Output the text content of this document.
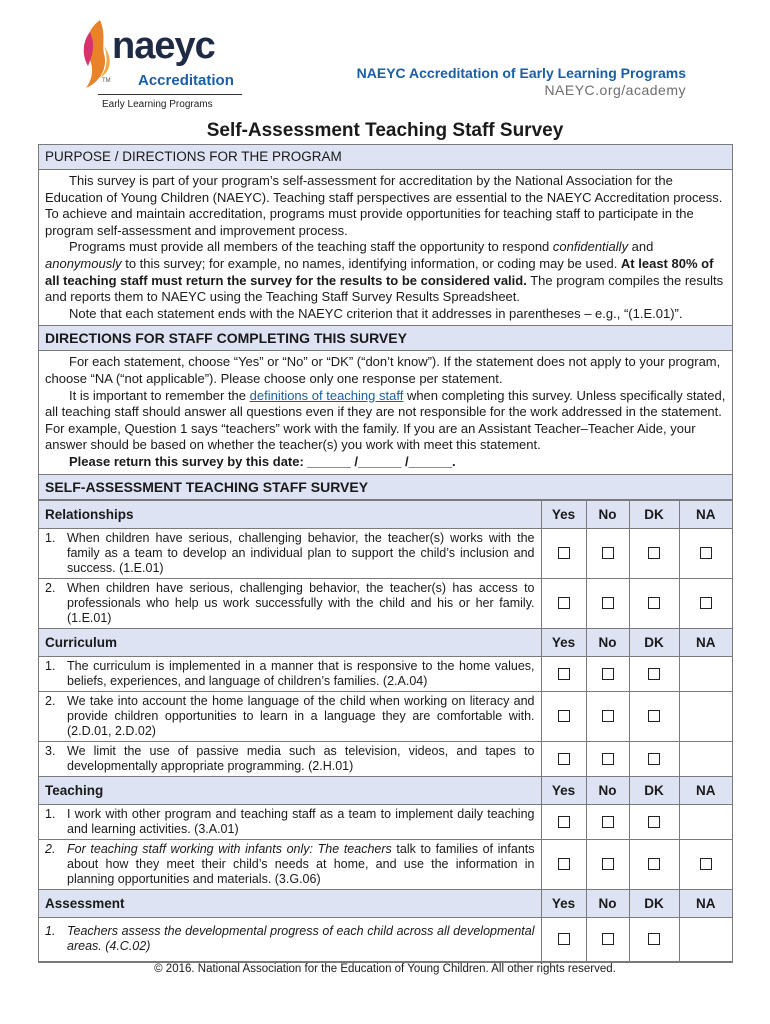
naeyc
TM Accreditation
Early Learning Programs
NAEYC Accreditation of Early Learning Programs
NAEYC.org/academy
Self-Assessment Teaching Staff Survey
PURPOSE / DIRECTIONS FOR THE PROGRAM

This survey is part of your program’s self-assessment for accreditation by the National Association for the Education of Young Children (NAEYC). Teaching staff perspectives are essential to the NAEYC Accreditation process. To achieve and maintain accreditation, programs must provide opportunities for teaching staff to participate in the program self-assessment and improvement process.

Programs must provide all members of the teaching staff the opportunity to respond confidentially and anonymously to this survey; for example, no names, identifying information, or coding may be used. At least 80% of all teaching staff must return the survey for the results to be considered valid. The program compiles the results and reports them to NAEYC using the Teaching Staff Survey Results Spreadsheet.

Note that each statement ends with the NAEYC criterion that it addresses in parentheses – e.g., “(1.E.01)”.

DIRECTIONS FOR STAFF COMPLETING THIS SURVEY

For each statement, choose “Yes” or “No” or “DK” (“don’t know”). If the statement does not apply to your program, choose “NA (“not applicable”). Please choose only one response per statement.

It is important to remember the definitions of teaching staff when completing this survey. Unless specifically stated, all teaching staff should answer all questions even if they are not responsible for the work addressed in the statement. For example, Question 1 says “teachers” work with the family. If you are an Assistant Teacher–Teacher Aide, your answer should be based on whether the teacher(s) you work with meet this statement.

Please return this survey by this date: ______ /______ /______.

SELF-ASSESSMENT TEACHING STAFF SURVEY
Relationships	Yes	No	DK	NA

1. When children have serious, challenging behavior, the teacher(s) works with the family as a team to develop an individual plan to support the child’s inclusion and success. (1.E.01)				

2. When children have serious, challenging behavior, the teacher(s) has access to professionals who help us work successfully with the child and his or her family. (1.E.01)				

Curriculum	Yes	No	DK	NA

1. The curriculum is implemented in a manner that is responsive to the home values, beliefs, experiences, and language of children’s families. (2.A.04)				

2. We take into account the home language of the child when working on literacy and provide children opportunities to learn in a language they are comfortable with. (2.D.01, 2.D.02)				

3. We limit the use of passive media such as television, videos, and tapes to developmentally appropriate programming. (2.H.01)				

Teaching	Yes	No	DK	NA

1. I work with other program and teaching staff as a team to implement daily teaching and learning activities. (3.A.01)				

2. For teaching staff working with infants only: The teachers talk to families of infants about how they meet their child’s needs at home, and use the information in planning opportunities and materials. (3.G.06)				

Assessment	Yes	No	DK	NA

1. Teachers assess the developmental progress of each child across all developmental areas. (4.C.02)				

© 2016. National Association for the Education of Young Children. All other rights reserved.
